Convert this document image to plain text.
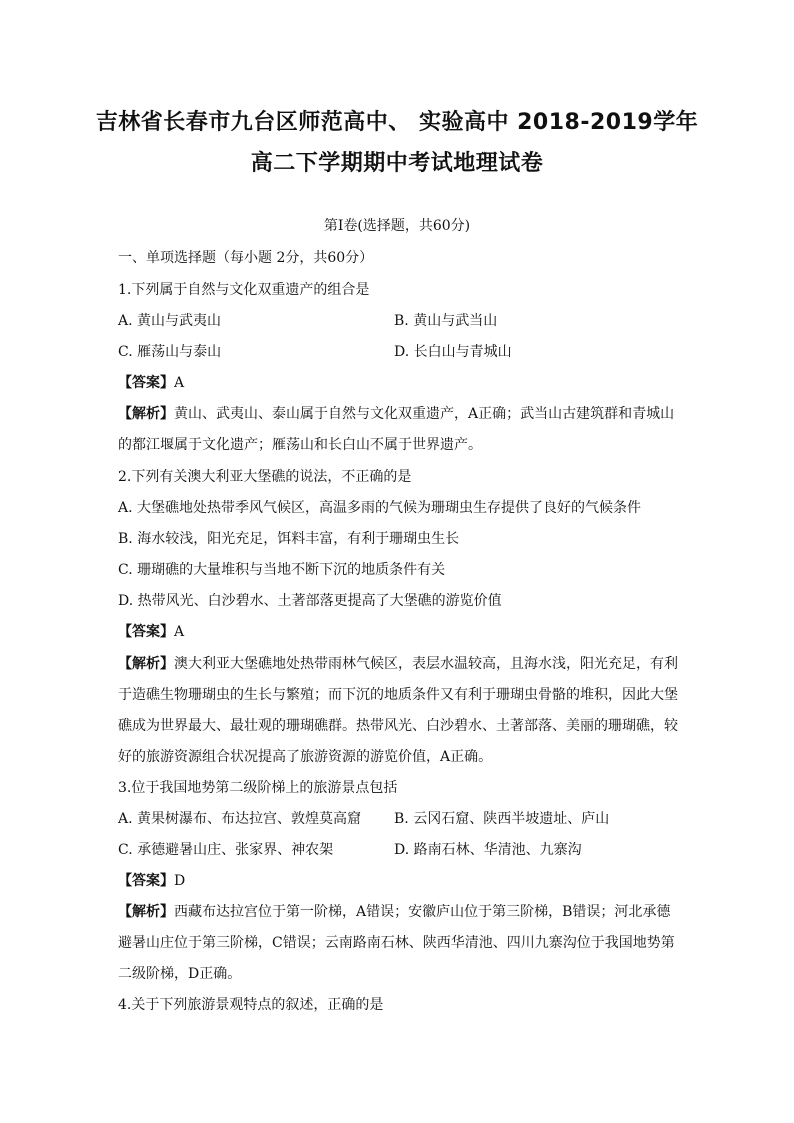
吉林省长春市九台区师范高中、 实验高中 2018-2019学年
高二下学期期中考试地理试卷
第Ⅰ卷(选择题，共60分)
一、单项选择题（每小题 2分，共60分）
1.下列属于自然与文化双重遗产的组合是
A. 黄山与武夷山	B. 黄山与武当山
C. 雁荡山与泰山	D. 长白山与青城山
【答案】A
【解析】黄山、武夷山、泰山属于自然与文化双重遗产，A正确；武当山古建筑群和青城山
的都江堰属于文化遗产；雁荡山和长白山不属于世界遗产。
2.下列有关澳大利亚大堡礁的说法，不正确的是
A. 大堡礁地处热带季风气候区，高温多雨的气候为珊瑚虫生存提供了良好的气候条件
B. 海水较浅，阳光充足，饵料丰富，有利于珊瑚虫生长
C. 珊瑚礁的大量堆积与当地不断下沉的地质条件有关
D. 热带风光、白沙碧水、土著部落更提高了大堡礁的游览价值
【答案】A
【解析】澳大利亚大堡礁地处热带雨林气候区，表层水温较高，且海水浅，阳光充足，有利
于造礁生物珊瑚虫的生长与繁殖；而下沉的地质条件又有利于珊瑚虫骨骼的堆积，因此大堡
礁成为世界最大、最壮观的珊瑚礁群。热带风光、白沙碧水、土著部落、美丽的珊瑚礁，较
好的旅游资源组合状况提高了旅游资源的游览价值，A正确。
3.位于我国地势第二级阶梯上的旅游景点包括
A. 黄果树瀑布、布达拉宫、敦煌莫高窟 B. 云冈石窟、陕西半坡遗址、庐山
C. 承德避暑山庄、张家界、神农架	D. 路南石林、华清池、九寨沟
【答案】D
【解析】西藏布达拉宫位于第一阶梯，A错误；安徽庐山位于第三阶梯，B错误；河北承德
避暑山庄位于第三阶梯，C错误；云南路南石林、陕西华清池、四川九寨沟位于我国地势第
二级阶梯，D正确。
4.关于下列旅游景观特点的叙述，正确的是
